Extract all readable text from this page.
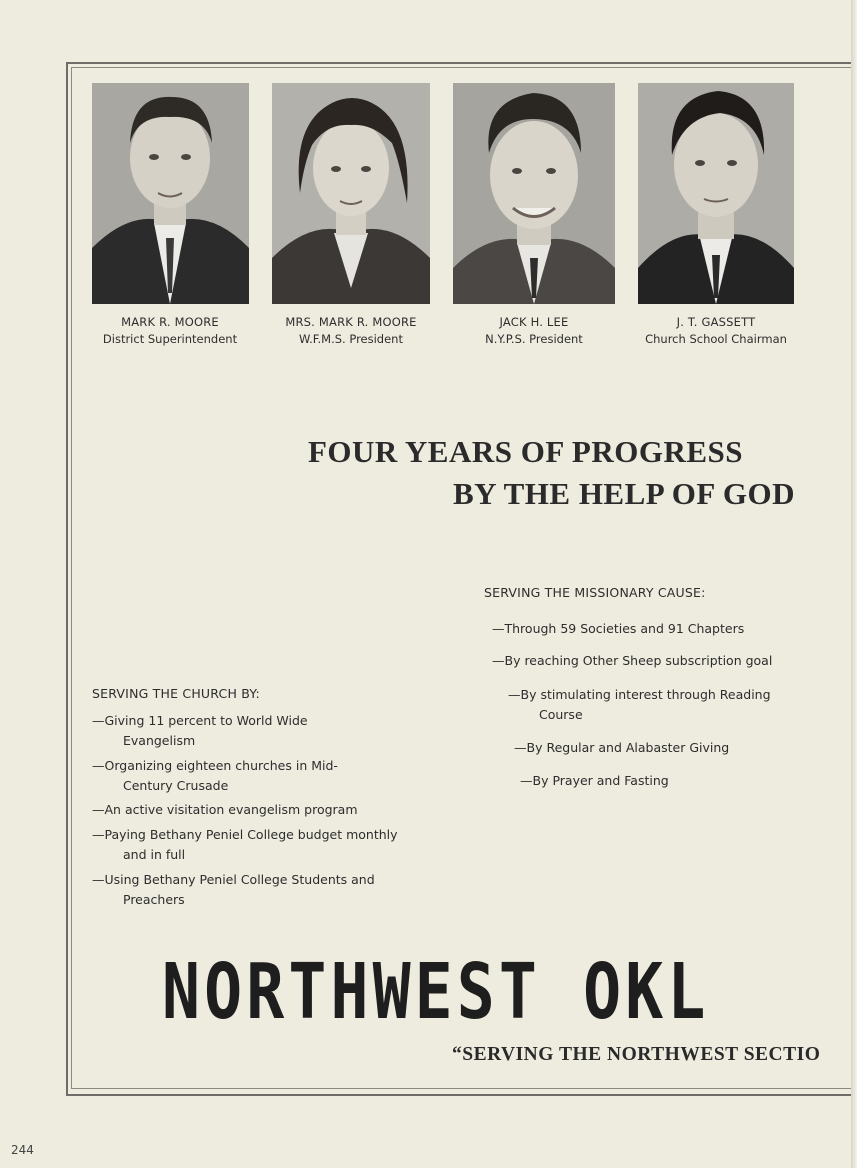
MARK R. MOORE
District Superintendent
MRS. MARK R. MOORE
W.F.M.S. President
JACK H. LEE
N.Y.P.S. President
J. T. GASSETT
Church School Chairman
FOUR YEARS OF PROGRESS
BY THE HELP OF GOD
SERVING THE MISSIONARY CAUSE:
—Through 59 Societies and 91 Chapters
—By reaching Other Sheep subscription goal
—By stimulating interest through Reading
Course
—By Regular and Alabaster Giving
—By Prayer and Fasting
SERVING THE CHURCH BY:
—Giving 11 percent to World Wide
Evangelism
—Organizing eighteen churches in Mid-
Century Crusade
—An active visitation evangelism program
—Paying Bethany Peniel College budget monthly
and in full
—Using Bethany Peniel College Students and
Preachers
NORTHWEST OKL
“SERVING THE NORTHWEST SECTIO
244
